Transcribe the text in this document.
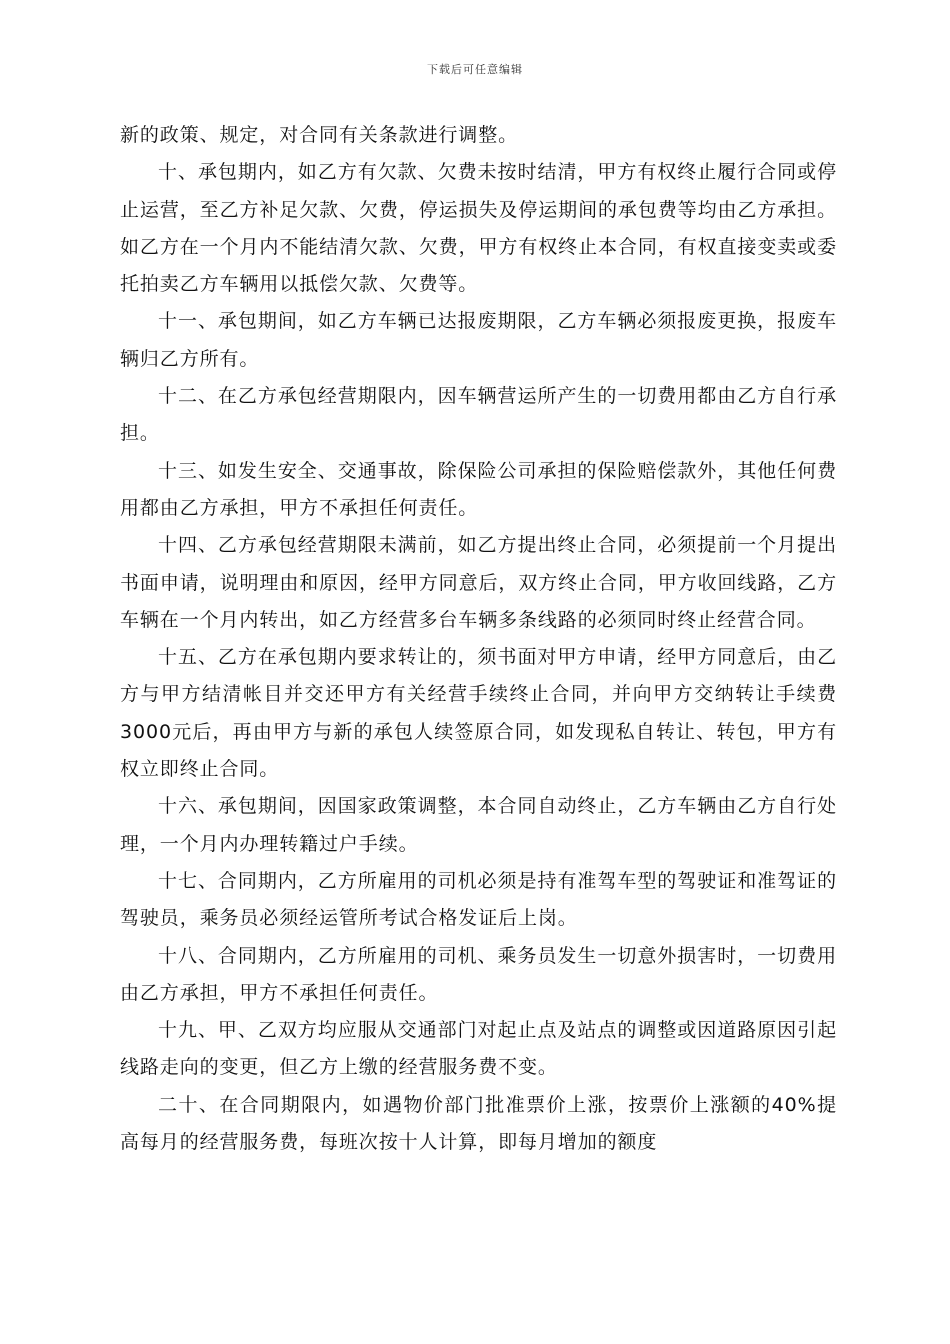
下载后可任意编辑

新的政策、规定，对合同有关条款进行调整。

十、承包期内，如乙方有欠款、欠费未按时结清，甲方有权终止履行合同或停止运营，至乙方补足欠款、欠费，停运损失及停运期间的承包费等均由乙方承担。如乙方在一个月内不能结清欠款、欠费，甲方有权终止本合同，有权直接变卖或委托拍卖乙方车辆用以抵偿欠款、欠费等。

十一、承包期间，如乙方车辆已达报废期限，乙方车辆必须报废更换，报废车辆归乙方所有。

十二、在乙方承包经营期限内，因车辆营运所产生的一切费用都由乙方自行承担。

十三、如发生安全、交通事故，除保险公司承担的保险赔偿款外，其他任何费用都由乙方承担，甲方不承担任何责任。

十四、乙方承包经营期限未满前，如乙方提出终止合同，必须提前一个月提出书面申请，说明理由和原因，经甲方同意后，双方终止合同，甲方收回线路，乙方车辆在一个月内转出，如乙方经营多台车辆多条线路的必须同时终止经营合同。

十五、乙方在承包期内要求转让的，须书面对甲方申请，经甲方同意后，由乙方与甲方结清帐目并交还甲方有关经营手续终止合同，并向甲方交纳转让手续费3000元后，再由甲方与新的承包人续签原合同，如发现私自转让、转包，甲方有权立即终止合同。

十六、承包期间，因国家政策调整，本合同自动终止，乙方车辆由乙方自行处理，一个月内办理转籍过户手续。

十七、合同期内，乙方所雇用的司机必须是持有准驾车型的驾驶证和准驾证的驾驶员，乘务员必须经运管所考试合格发证后上岗。

十八、合同期内，乙方所雇用的司机、乘务员发生一切意外损害时，一切费用由乙方承担，甲方不承担任何责任。

十九、甲、乙双方均应服从交通部门对起止点及站点的调整或因道路原因引起线路走向的变更，但乙方上缴的经营服务费不变。

二十、在合同期限内，如遇物价部门批准票价上涨，按票价上涨额的40%提高每月的经营服务费，每班次按十人计算，即每月增加的额度
